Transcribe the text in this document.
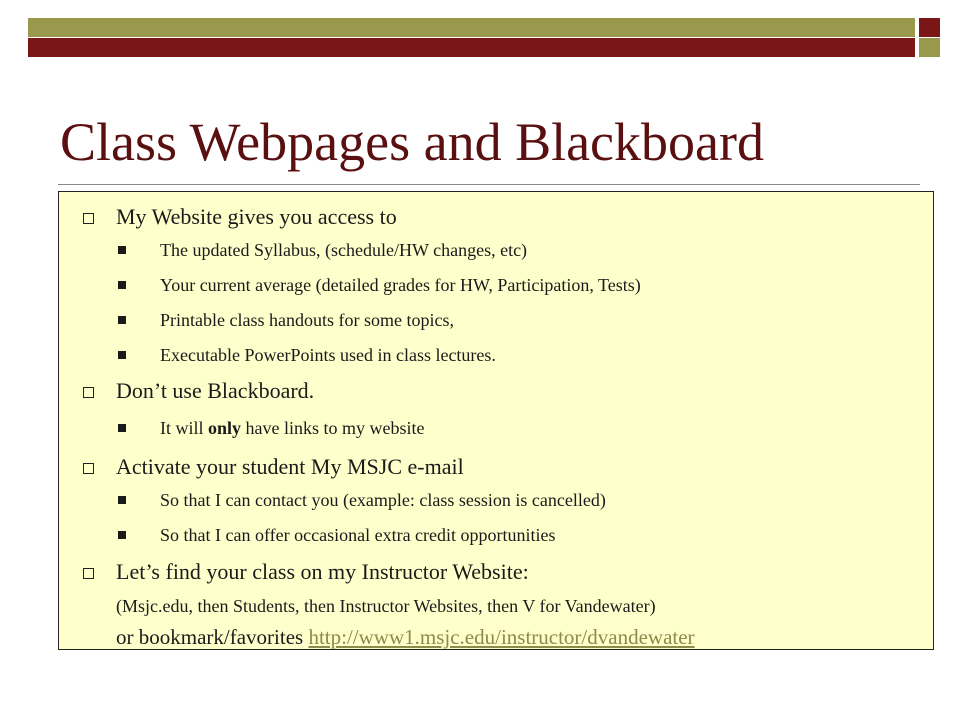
Class Webpages and Blackboard
My Website gives you access to
The updated Syllabus, (schedule/HW changes, etc)
Your current average (detailed grades for HW, Participation, Tests)
Printable class handouts for some topics,
Executable PowerPoints used in class lectures.
Don’t use Blackboard.
It will only have links to my website
Activate your student My MSJC e-mail
So that I can contact you (example: class session is cancelled)
So that I can offer occasional extra credit opportunities
Let’s find your class on my Instructor Website:
(Msjc.edu, then Students, then Instructor Websites, then V for Vandewater)
or bookmark/favorites http://www1.msjc.edu/instructor/dvandewater
